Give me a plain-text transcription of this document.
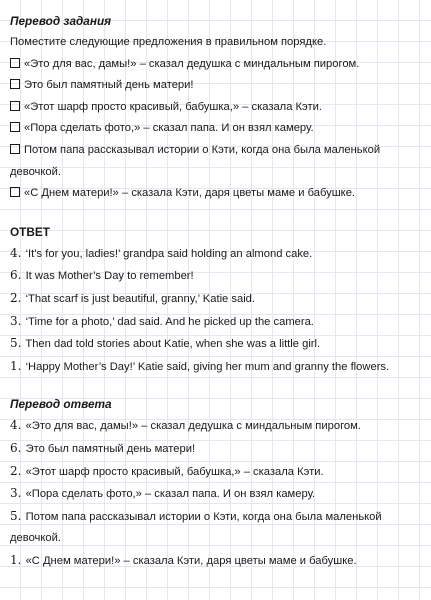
Перевод задания
Поместите следующие предложения в правильном порядке.
«Это для вас, дамы!» – сказал дедушка с миндальным пирогом.
Это был памятный день матери!
«Этот шарф просто красивый, бабушка,» – сказала Кэти.
«Пора сделать фото,» – сказал папа. И он взял камеру.
Потом папа рассказывал истории о Кэти, когда она была маленькой девочкой.
«С Днем матери!» – сказала Кэти, даря цветы маме и бабушке.
ОТВЕТ
4. ‘It’s for you, ladies!’ grandpa said holding an almond cake.
6. It was Mother’s Day to remember!
2. ‘That scarf is just beautiful, granny,’ Katie said.
3. ‘Time for a photo,’ dad said. And he picked up the camera.
5. Then dad told stories about Katie, when she was a little girl.
1. ‘Happy Mother’s Day!’ Katie said, giving her mum and granny the flowers.
Перевод ответа
4. «Это для вас, дамы!» – сказал дедушка с миндальным пирогом.
6. Это был памятный день матери!
2. «Этот шарф просто красивый, бабушка,» – сказала Кэти.
3. «Пора сделать фото,» – сказал папа. И он взял камеру.
5. Потом папа рассказывал истории о Кэти, когда она была маленькой девочкой.
1. «С Днем матери!» – сказала Кэти, даря цветы маме и бабушке.
